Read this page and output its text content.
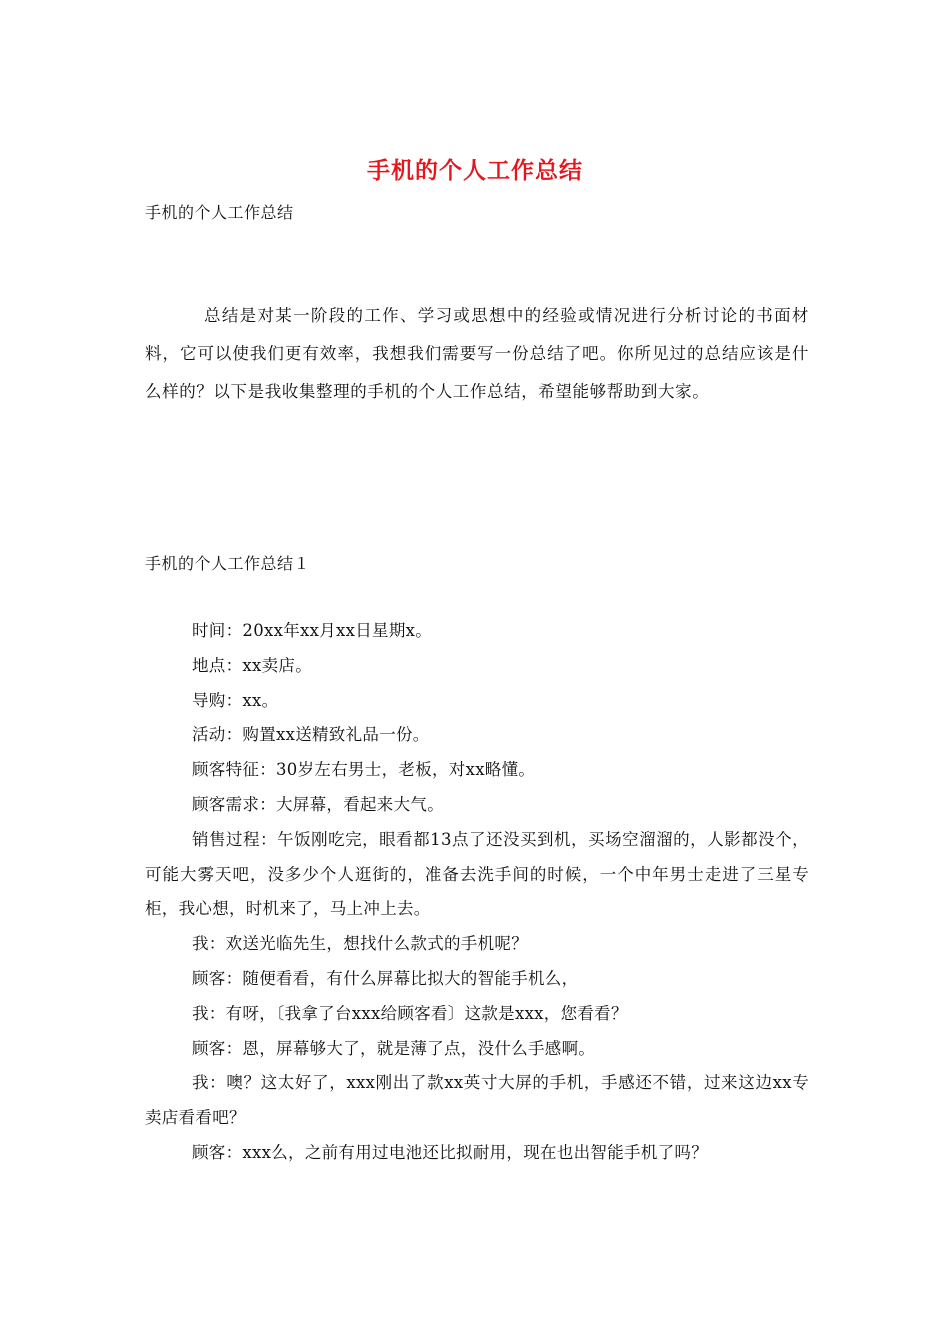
手机的个人工作总结
手机的个人工作总结

总结是对某一阶段的工作、学习或思想中的经验或情况进行分析讨论的书面材料，它可以使我们更有效率，我想我们需要写一份总结了吧。你所见过的总结应该是什么样的？以下是我收集整理的手机的个人工作总结，希望能够帮助到大家。

手机的个人工作总结１

时间：20xx年xx月xx日星期x。

地点：xx卖店。

导购：xx。

活动：购置xx送精致礼品一份。

顾客特征：30岁左右男士，老板，对xx略懂。

顾客需求：大屏幕，看起来大气。

销售过程：午饭刚吃完，眼看都13点了还没买到机，买场空溜溜的，人影都没个，可能大雾天吧，没多少个人逛街的，准备去洗手间的时候，一个中年男士走进了三星专柜，我心想，时机来了，马上冲上去。

我：欢送光临先生，想找什么款式的手机呢？

顾客：随便看看，有什么屏幕比拟大的智能手机么，

我：有呀，〔我拿了台xxx给顾客看〕这款是xxx，您看看？

顾客：恩，屏幕够大了，就是薄了点，没什么手感啊。

我：噢？这太好了，xxx刚出了款xx英寸大屏的手机，手感还不错，过来这边xx专卖店看看吧？

顾客：xxx么，之前有用过电池还比拟耐用，现在也出智能手机了吗？
